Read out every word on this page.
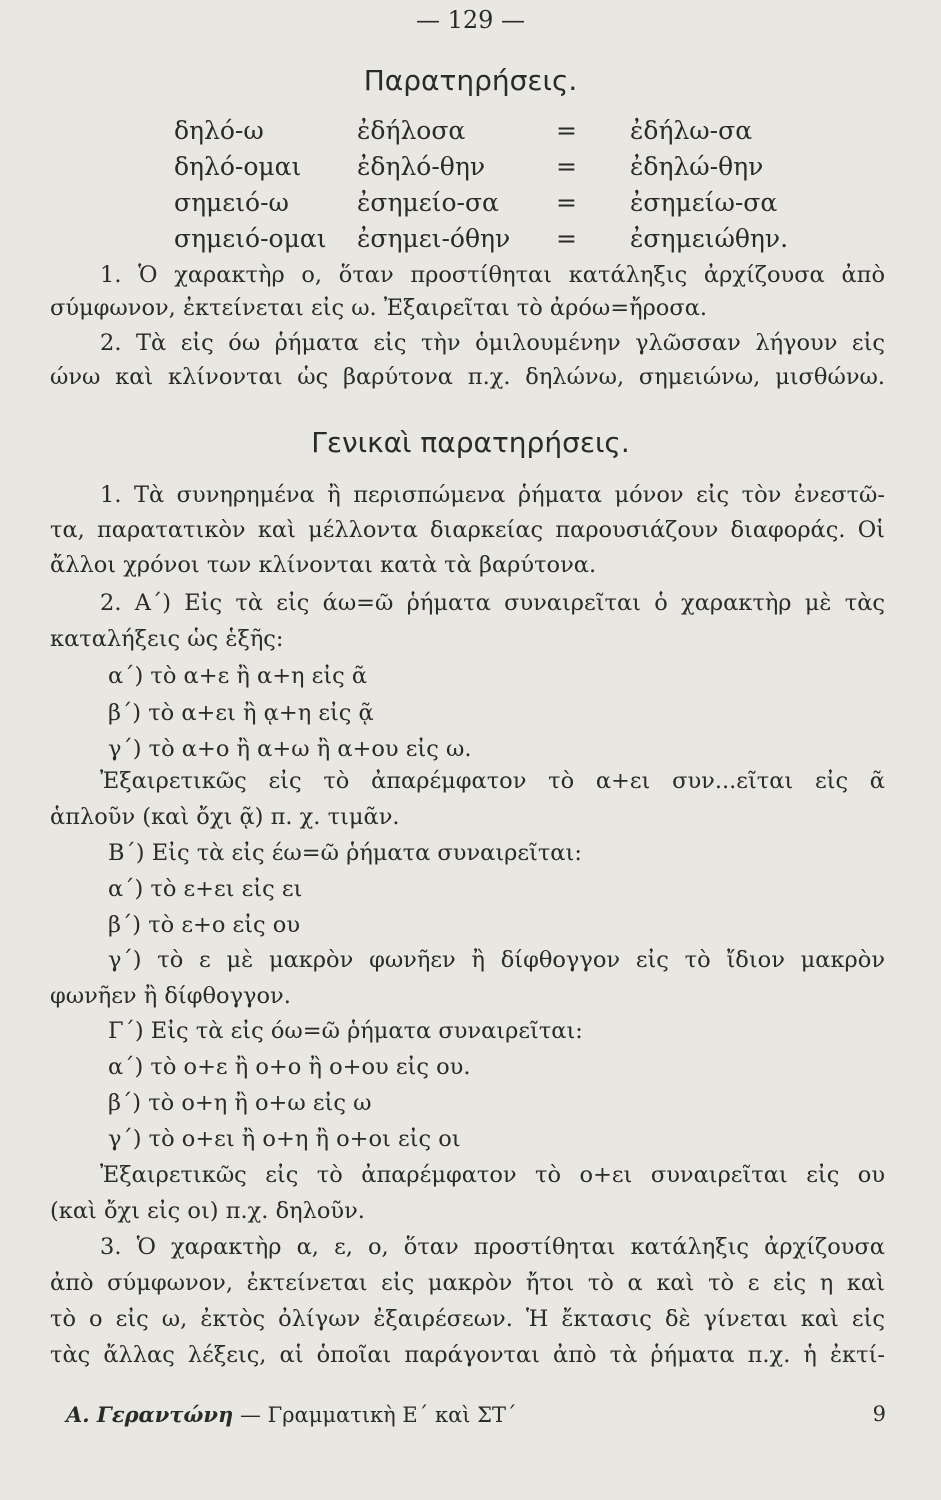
— 129 —
Παρατηρήσεις.
δηλό-ω	ἐδήλοσα	= ἐδήλω-σα
δηλό-ομαι ἐδηλό-θην	= ἐδηλώ-θην
σημειό-ω	ἐσημείο-σα = ἐσημείω-σα
σημειό-ομαι ἐσημει-όθην = ἐσημειώθην.
1. Ὁ χαρακτὴρ ο, ὅταν προστίθηται κατάληξις ἀρχίζουσα ἀπὸ
σύμφωνον, ἐκτείνεται εἰς ω. Ἐξαιρεῖται τὸ ἀρόω=ἤροσα.
2. Τὰ εἰς όω ῥήματα εἰς τὴν ὁμιλουμένην γλῶσσαν λήγουν εἰς
ώνω καὶ κλίνονται ὡς βαρύτονα π.χ. δηλώνω, σημειώνω, μισθώνω.
Γενικαὶ παρατηρήσεις.
1. Τὰ συνηρημένα ἢ περισπώμενα ῥήματα μόνον εἰς τὸν ἐνεστῶ-
τα, παρατατικὸν καὶ μέλλοντα διαρκείας παρουσιάζουν διαφοράς. Οἱ
ἄλλοι χρόνοι των κλίνονται κατὰ τὰ βαρύτονα.
2. Α΄) Εἰς τὰ εἰς άω=ῶ ῥήματα συναιρεῖται ὁ χαρακτὴρ μὲ τὰς
καταλήξεις ὡς ἑξῆς:
α΄) τὸ α+ε ἢ α+η εἰς ᾶ
β΄) τὸ α+ει ἢ ᾳ+η εἰς ᾷ
γ΄) τὸ α+ο ἢ α+ω ἢ α+ου εἰς ω.
Ἐξαιρετικῶς εἰς τὸ ἀπαρέμφατον τὸ α+ει συν...εῖται εἰς ᾶ
ἁπλοῦν (καὶ ὄχι ᾷ) π. χ. τιμᾶν.
Β΄) Εἰς τὰ εἰς έω=ῶ ῥήματα συναιρεῖται:
α΄) τὸ ε+ει εἰς ει
β΄) τὸ ε+ο εἰς ου
γ΄) τὸ ε μὲ μακρὸν φωνῆεν ἢ δίφθογγον εἰς τὸ ἴδιον μακρὸν
φωνῆεν ἢ δίφθογγον.
Γ΄) Εἰς τὰ εἰς όω=ῶ ῥήματα συναιρεῖται:
α΄) τὸ ο+ε ἢ ο+ο ἢ ο+ου εἰς ου.
β΄) τὸ ο+η ἢ ο+ω εἰς ω
γ΄) τὸ ο+ει ἢ ο+η ἢ ο+οι εἰς οι
Ἐξαιρετικῶς εἰς τὸ ἀπαρέμφατον τὸ ο+ει συναιρεῖται εἰς ου
(καὶ ὄχι εἰς οι) π.χ. δηλοῦν.
3. Ὁ χαρακτὴρ α, ε, ο, ὅταν προστίθηται κατάληξις ἀρχίζουσα
ἀπὸ σύμφωνον, ἐκτείνεται εἰς μακρὸν ἤτοι τὸ α καὶ τὸ ε εἰς η καὶ
τὸ ο εἰς ω, ἐκτὸς ὀλίγων ἐξαιρέσεων. Ἡ ἔκτασις δὲ γίνεται καὶ εἰς
τὰς ἄλλας λέξεις, αἱ ὁποῖαι παράγονται ἀπὸ τὰ ῥήματα π.χ. ἡ ἐκτί-
Α. Γεραντώνη — Γραμματικὴ Ε΄ καὶ ΣΤ΄	9
